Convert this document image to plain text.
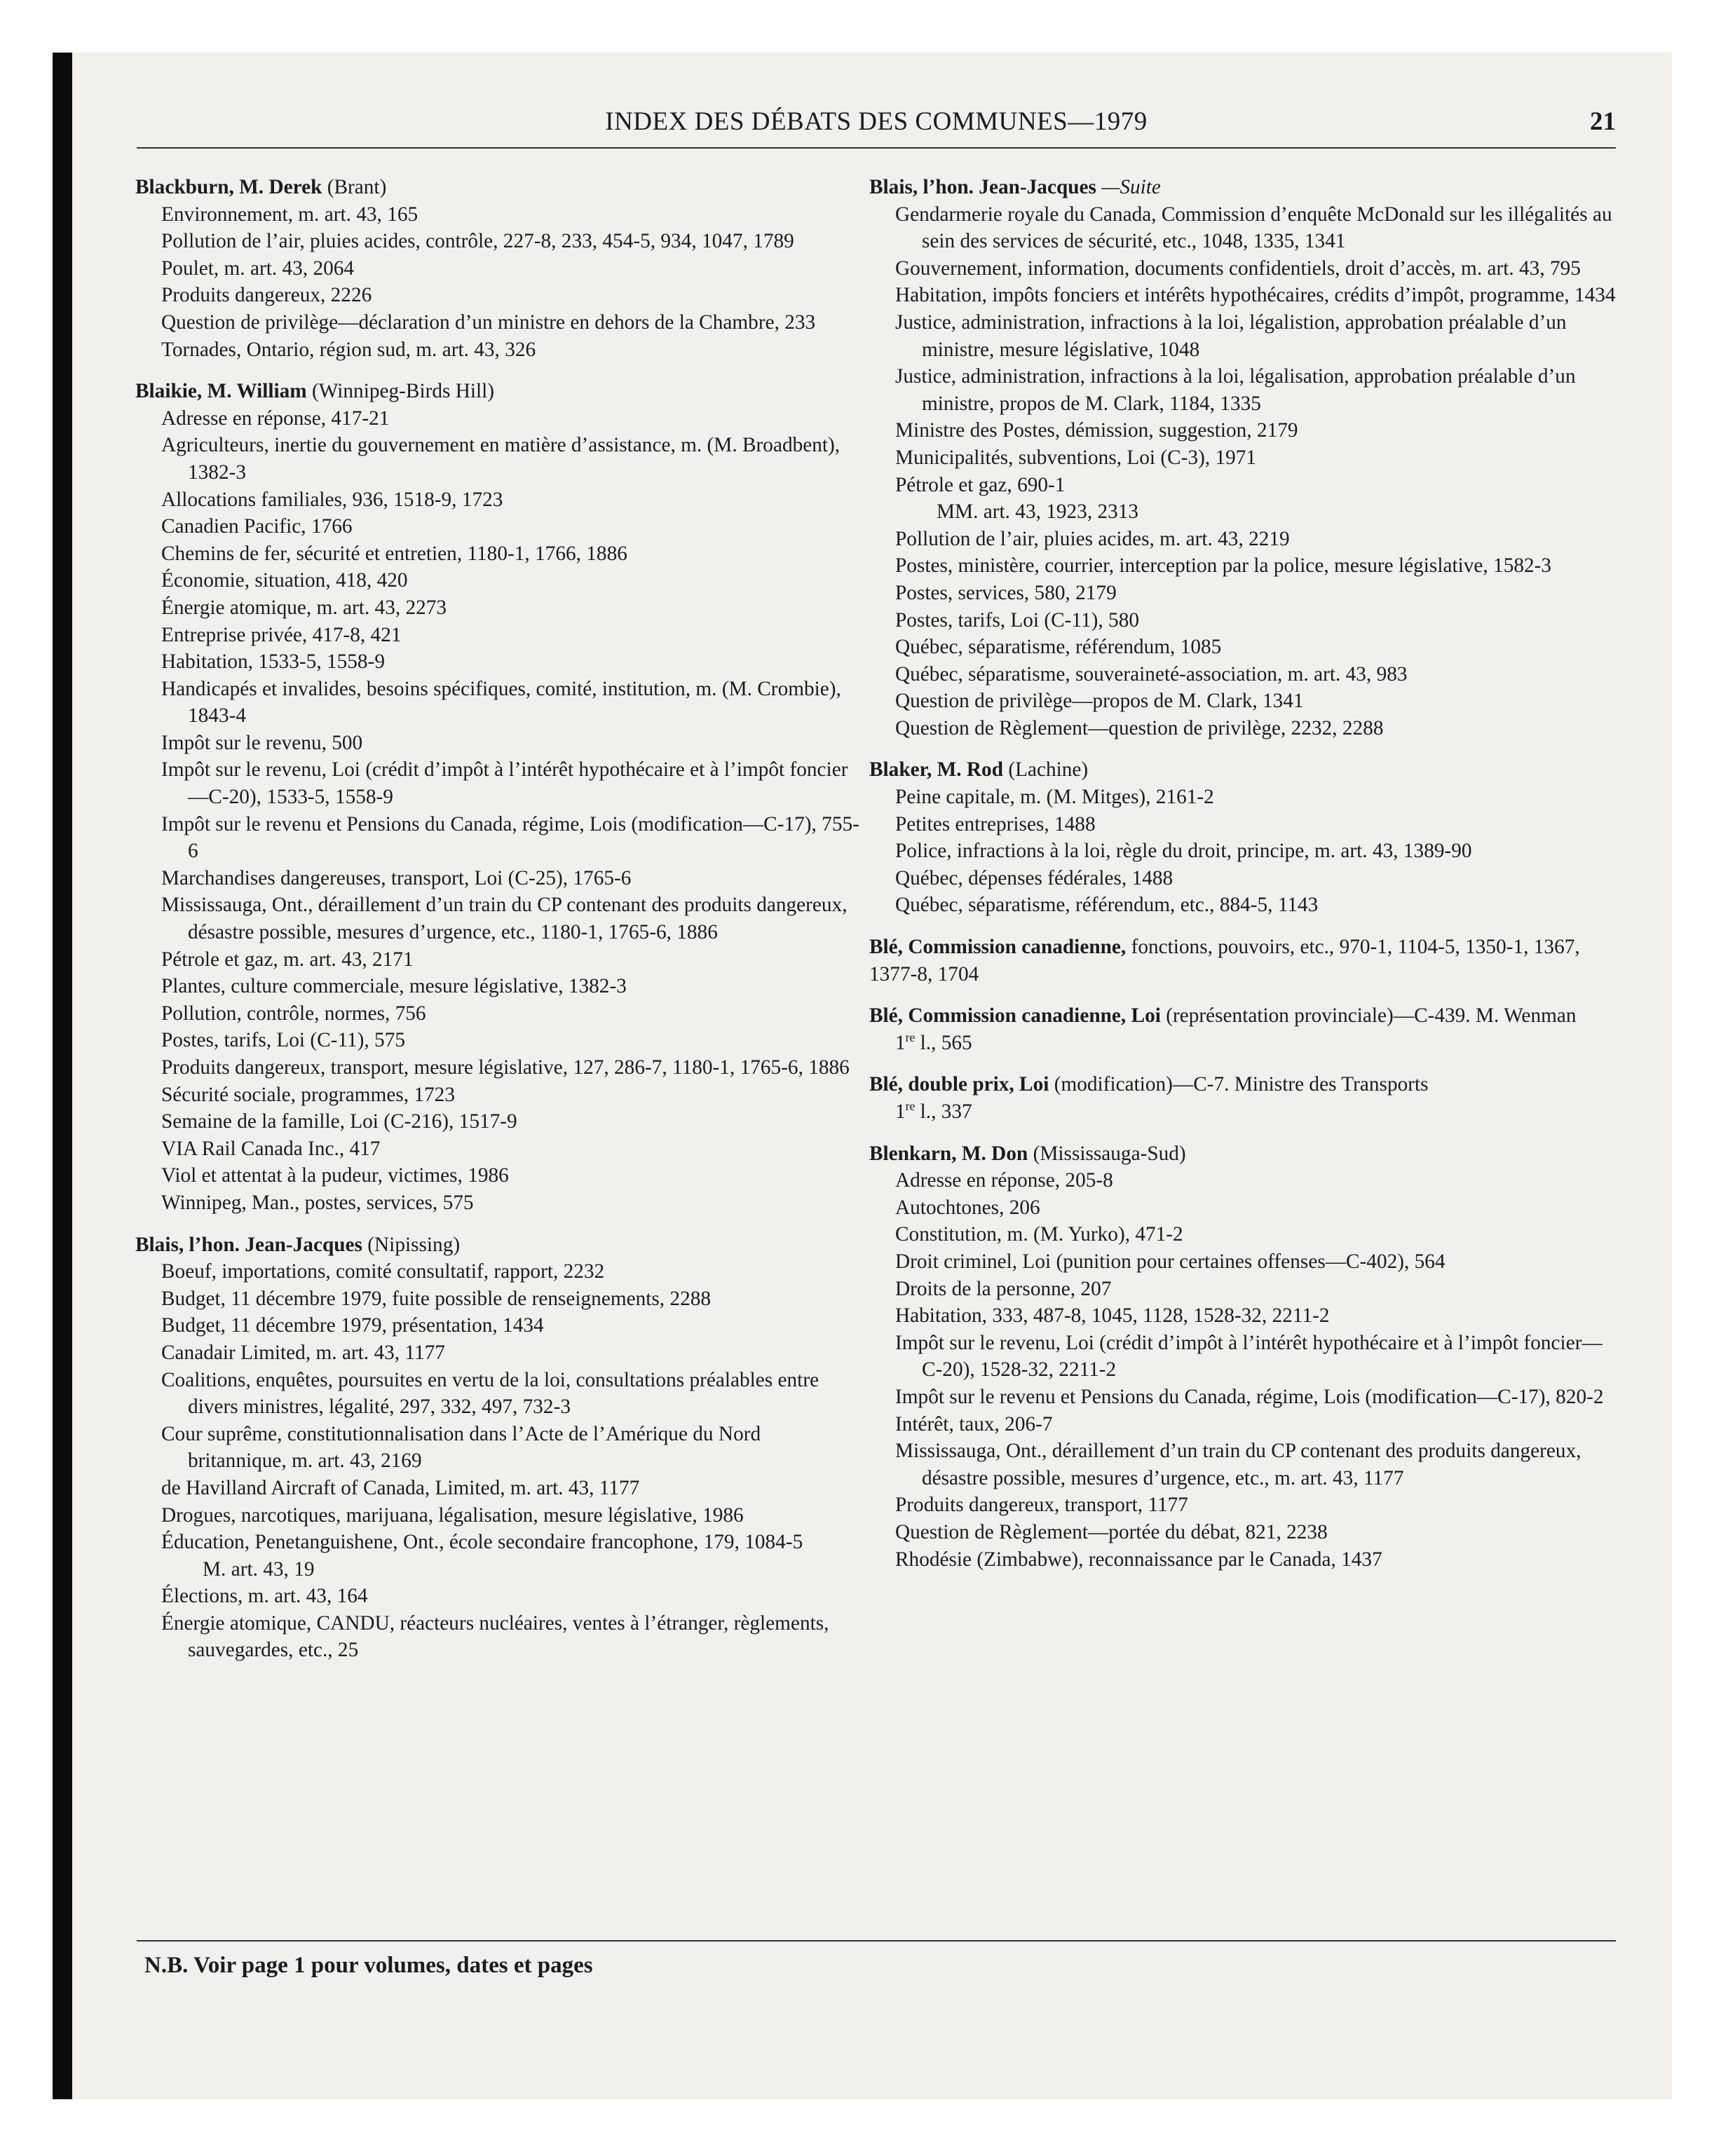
INDEX DES DÉBATS DES COMMUNES—1979	21
Blackburn, M. Derek (Brant)
Environnement, m. art. 43, 165
Pollution de l’air, pluies acides, contrôle, 227-8, 233, 454-5, 934, 1047, 1789
Poulet, m. art. 43, 2064
Produits dangereux, 2226
Question de privilège—déclaration d’un ministre en dehors de la Chambre, 233
Tornades, Ontario, région sud, m. art. 43, 326
Blaikie, M. William (Winnipeg-Birds Hill)
Adresse en réponse, 417-21
Agriculteurs, inertie du gouvernement en matière d’assistance, m. (M. Broadbent), 1382-3
Allocations familiales, 936, 1518-9, 1723
Canadien Pacific, 1766
Chemins de fer, sécurité et entretien, 1180-1, 1766, 1886
Économie, situation, 418, 420
Énergie atomique, m. art. 43, 2273
Entreprise privée, 417-8, 421
Habitation, 1533-5, 1558-9
Handicapés et invalides, besoins spécifiques, comité, institution, m. (M. Crombie), 1843-4
Impôt sur le revenu, 500
Impôt sur le revenu, Loi (crédit d’impôt à l’intérêt hypothécaire et à l’impôt foncier—C-20), 1533-5, 1558-9
Impôt sur le revenu et Pensions du Canada, régime, Lois (modification—C-17), 755-6
Marchandises dangereuses, transport, Loi (C-25), 1765-6
Mississauga, Ont., déraillement d’un train du CP contenant des produits dangereux, désastre possible, mesures d’urgence, etc., 1180-1, 1765-6, 1886
Pétrole et gaz, m. art. 43, 2171
Plantes, culture commerciale, mesure législative, 1382-3
Pollution, contrôle, normes, 756
Postes, tarifs, Loi (C-11), 575
Produits dangereux, transport, mesure législative, 127, 286-7, 1180-1, 1765-6, 1886
Sécurité sociale, programmes, 1723
Semaine de la famille, Loi (C-216), 1517-9
VIA Rail Canada Inc., 417
Viol et attentat à la pudeur, victimes, 1986
Winnipeg, Man., postes, services, 575
Blais, l’hon. Jean-Jacques (Nipissing)
Boeuf, importations, comité consultatif, rapport, 2232
Budget, 11 décembre 1979, fuite possible de renseignements, 2288
Budget, 11 décembre 1979, présentation, 1434
Canadair Limited, m. art. 43, 1177
Coalitions, enquêtes, poursuites en vertu de la loi, consultations préalables entre divers ministres, légalité, 297, 332, 497, 732-3
Cour suprême, constitutionnalisation dans l’Acte de l’Amérique du Nord britannique, m. art. 43, 2169
de Havilland Aircraft of Canada, Limited, m. art. 43, 1177
Drogues, narcotiques, marijuana, légalisation, mesure législative, 1986
Éducation, Penetanguishene, Ont., école secondaire francophone, 179, 1084-5
M. art. 43, 19
Élections, m. art. 43, 164
Énergie atomique, CANDU, réacteurs nucléaires, ventes à l’étranger, règlements, sauvegardes, etc., 25
Blais, l’hon. Jean-Jacques —Suite
Gendarmerie royale du Canada, Commission d’enquête McDonald sur les illégalités au sein des services de sécurité, etc., 1048, 1335, 1341
Gouvernement, information, documents confidentiels, droit d’accès, m. art. 43, 795
Habitation, impôts fonciers et intérêts hypothécaires, crédits d’impôt, programme, 1434
Justice, administration, infractions à la loi, légalistion, approbation préalable d’un ministre, mesure législative, 1048
Justice, administration, infractions à la loi, légalisation, approbation préalable d’un ministre, propos de M. Clark, 1184, 1335
Ministre des Postes, démission, suggestion, 2179
Municipalités, subventions, Loi (C-3), 1971
Pétrole et gaz, 690-1
MM. art. 43, 1923, 2313
Pollution de l’air, pluies acides, m. art. 43, 2219
Postes, ministère, courrier, interception par la police, mesure législative, 1582-3
Postes, services, 580, 2179
Postes, tarifs, Loi (C-11), 580
Québec, séparatisme, référendum, 1085
Québec, séparatisme, souveraineté-association, m. art. 43, 983
Question de privilège—propos de M. Clark, 1341
Question de Règlement—question de privilège, 2232, 2288
Blaker, M. Rod (Lachine)
Peine capitale, m. (M. Mitges), 2161-2
Petites entreprises, 1488
Police, infractions à la loi, règle du droit, principe, m. art. 43, 1389-90
Québec, dépenses fédérales, 1488
Québec, séparatisme, référendum, etc., 884-5, 1143
Blé, Commission canadienne, fonctions, pouvoirs, etc., 970-1, 1104-5, 1350-1, 1367, 1377-8, 1704
Blé, Commission canadienne, Loi (représentation provinciale)—C-439. M. Wenman
1re l., 565
Blé, double prix, Loi (modification)—C-7. Ministre des Transports
1re l., 337
Blenkarn, M. Don (Mississauga-Sud)
Adresse en réponse, 205-8
Autochtones, 206
Constitution, m. (M. Yurko), 471-2
Droit criminel, Loi (punition pour certaines offenses—C-402), 564
Droits de la personne, 207
Habitation, 333, 487-8, 1045, 1128, 1528-32, 2211-2
Impôt sur le revenu, Loi (crédit d’impôt à l’intérêt hypothécaire et à l’impôt foncier—C-20), 1528-32, 2211-2
Impôt sur le revenu et Pensions du Canada, régime, Lois (modification—C-17), 820-2
Intérêt, taux, 206-7
Mississauga, Ont., déraillement d’un train du CP contenant des produits dangereux, désastre possible, mesures d’urgence, etc., m. art. 43, 1177
Produits dangereux, transport, 1177
Question de Règlement—portée du débat, 821, 2238
Rhodésie (Zimbabwe), reconnaissance par le Canada, 1437
N.B. Voir page 1 pour volumes, dates et pages
